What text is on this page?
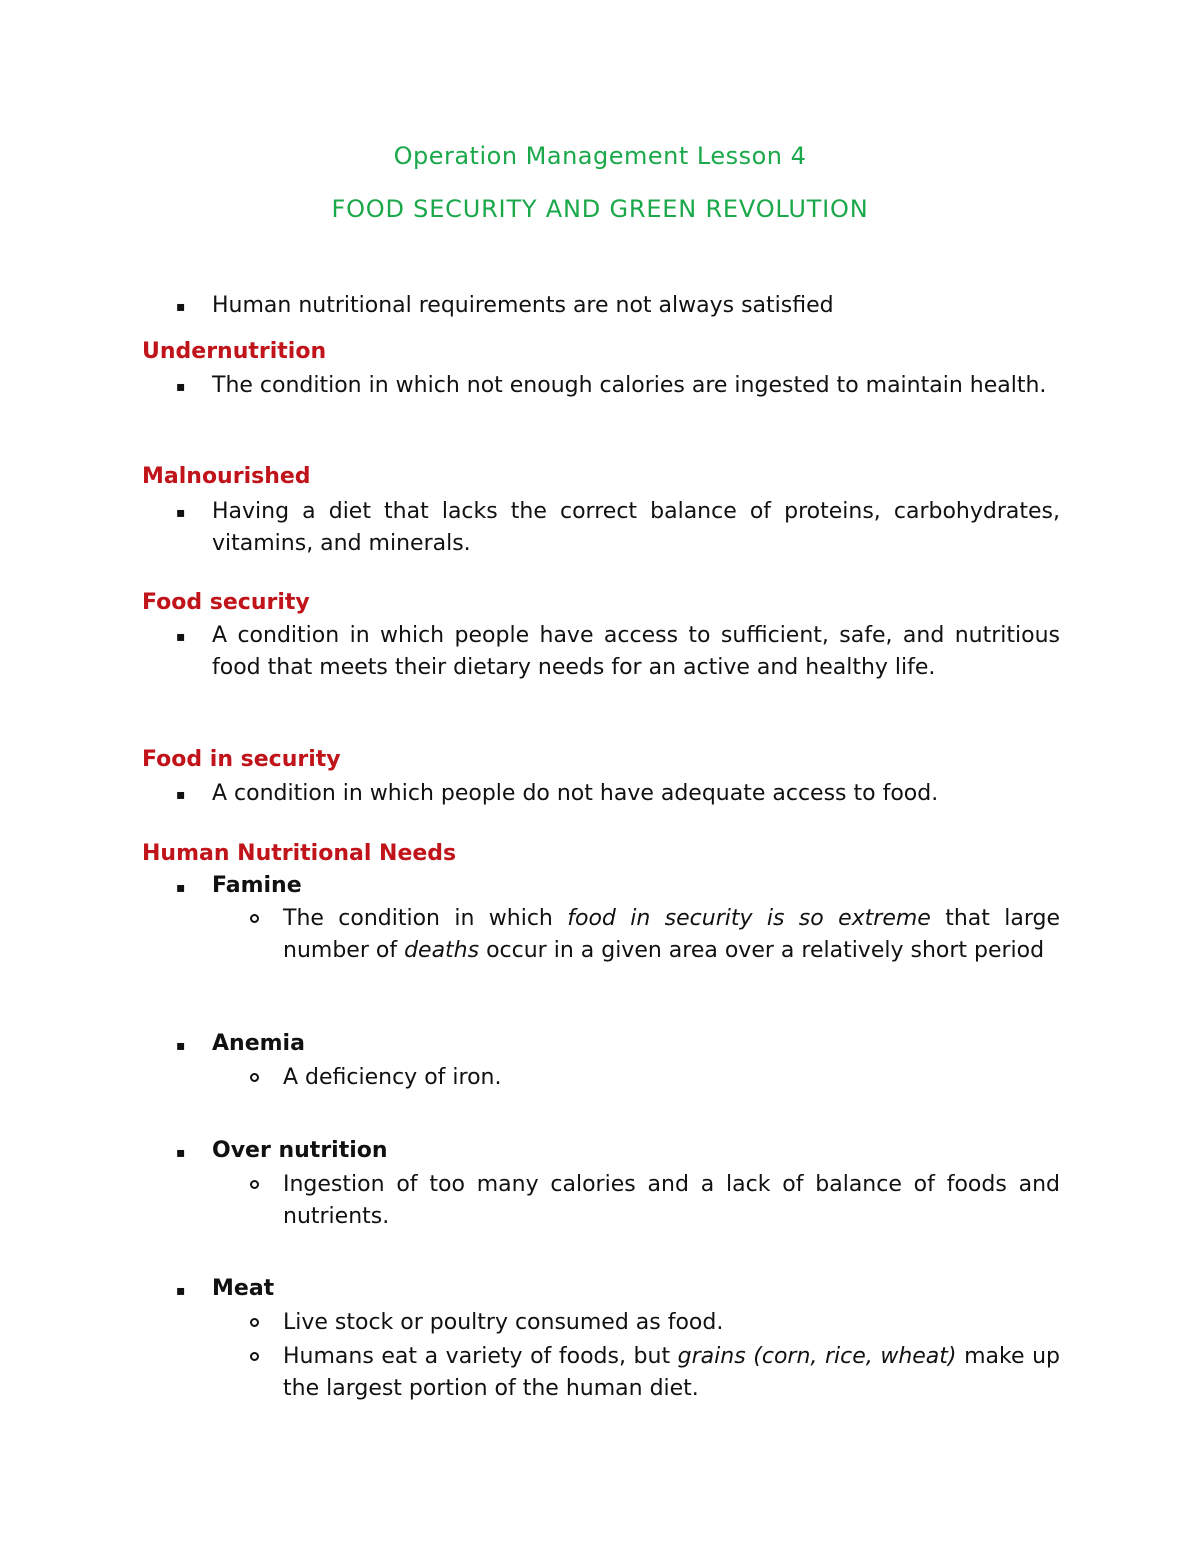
Operation Management Lesson 4
FOOD SECURITY AND GREEN REVOLUTION
▪ Human nutritional requirements are not always satisfied
Undernutrition
▪ The condition in which not enough calories are ingested to maintain health.
Malnourished
▪ Having a diet that lacks the correct balance of proteins, carbohydrates, vitamins, and minerals.
Food security
▪ A condition in which people have access to sufficient, safe, and nutritious food that meets their dietary needs for an active and healthy life.
Food in security
▪ A condition in which people do not have adequate access to food.
Human Nutritional Needs
▪ Famine
The condition in which food in security is so extreme that large number of deaths occur in a given area over a relatively short period
▪ Anemia
A deficiency of iron.
▪ Over nutrition
Ingestion of too many calories and a lack of balance of foods and nutrients.
▪ Meat
Live stock or poultry consumed as food.
Humans eat a variety of foods, but grains (corn, rice, wheat) make up the largest portion of the human diet.
